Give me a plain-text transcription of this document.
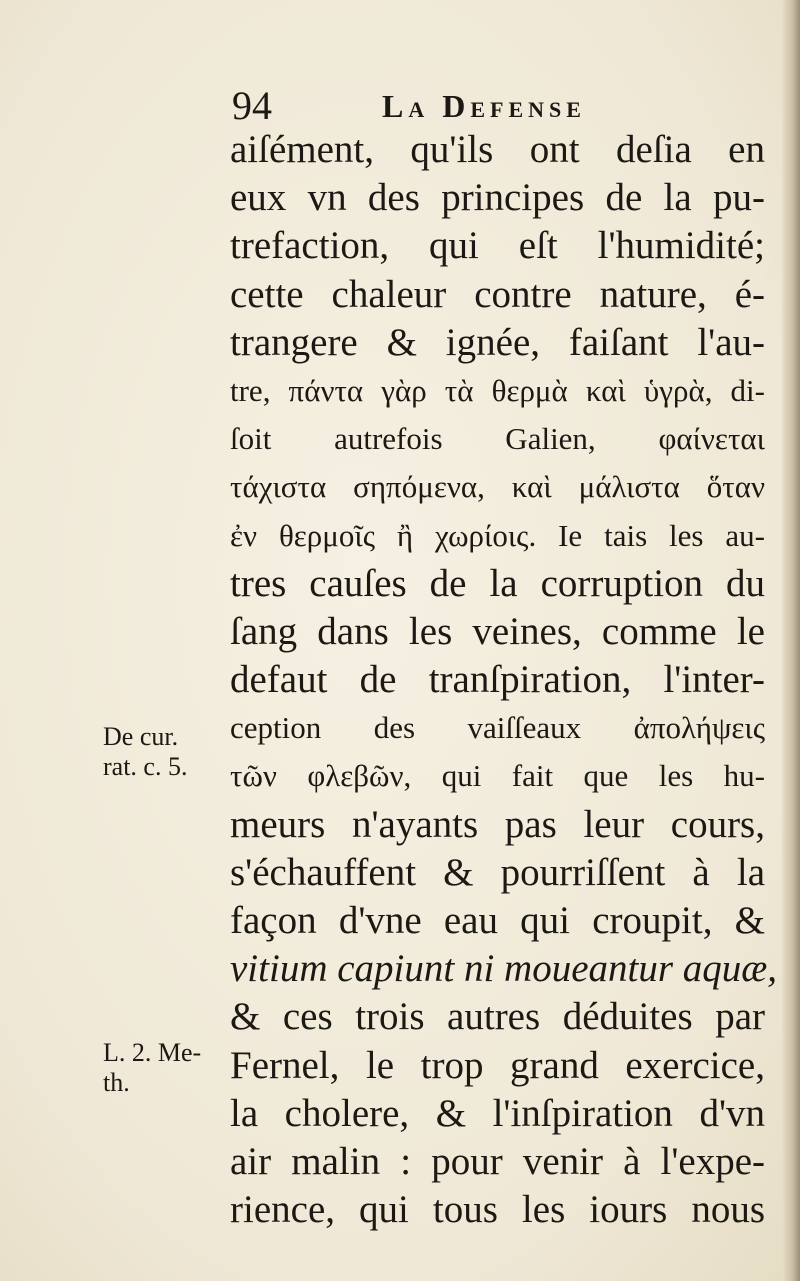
94	La Defense
aiſément, qu'ils ont deſia en
eux vn des principes de la pu-
trefaction, qui eſt l'humidité;
cette chaleur contre nature, é-
trangere & ignée, faiſant l'au-
tre, πάντα γὰρ τὰ θερμὰ καὶ ὑγρὰ, di-
ſoit autrefois Galien, φαίνεται
τάχιστα σηπόμενα, καὶ μάλιστα ὅταν
ἐν θερμοῖς ἢ χωρίοις. Ie tais les au-
tres cauſes de la corruption du
ſang dans les veines, comme le
defaut de tranſpiration, l'inter-
ception des vaiſſeaux ἀπολήψεις
τῶν φλεβῶν, qui fait que les hu-
meurs n'ayants pas leur cours,
s'échauffent & pourriſſent à la
façon d'vne eau qui croupit, &
vitium capiunt ni moueantur aquæ,
& ces trois autres déduites par
Fernel, le trop grand exercice,
la cholere, & l'inſpiration d'vn
air malin : pour venir à l'expe-
rience, qui tous les iours nous
De cur.
rat. c. 5.
L. 2. Me-
th.
